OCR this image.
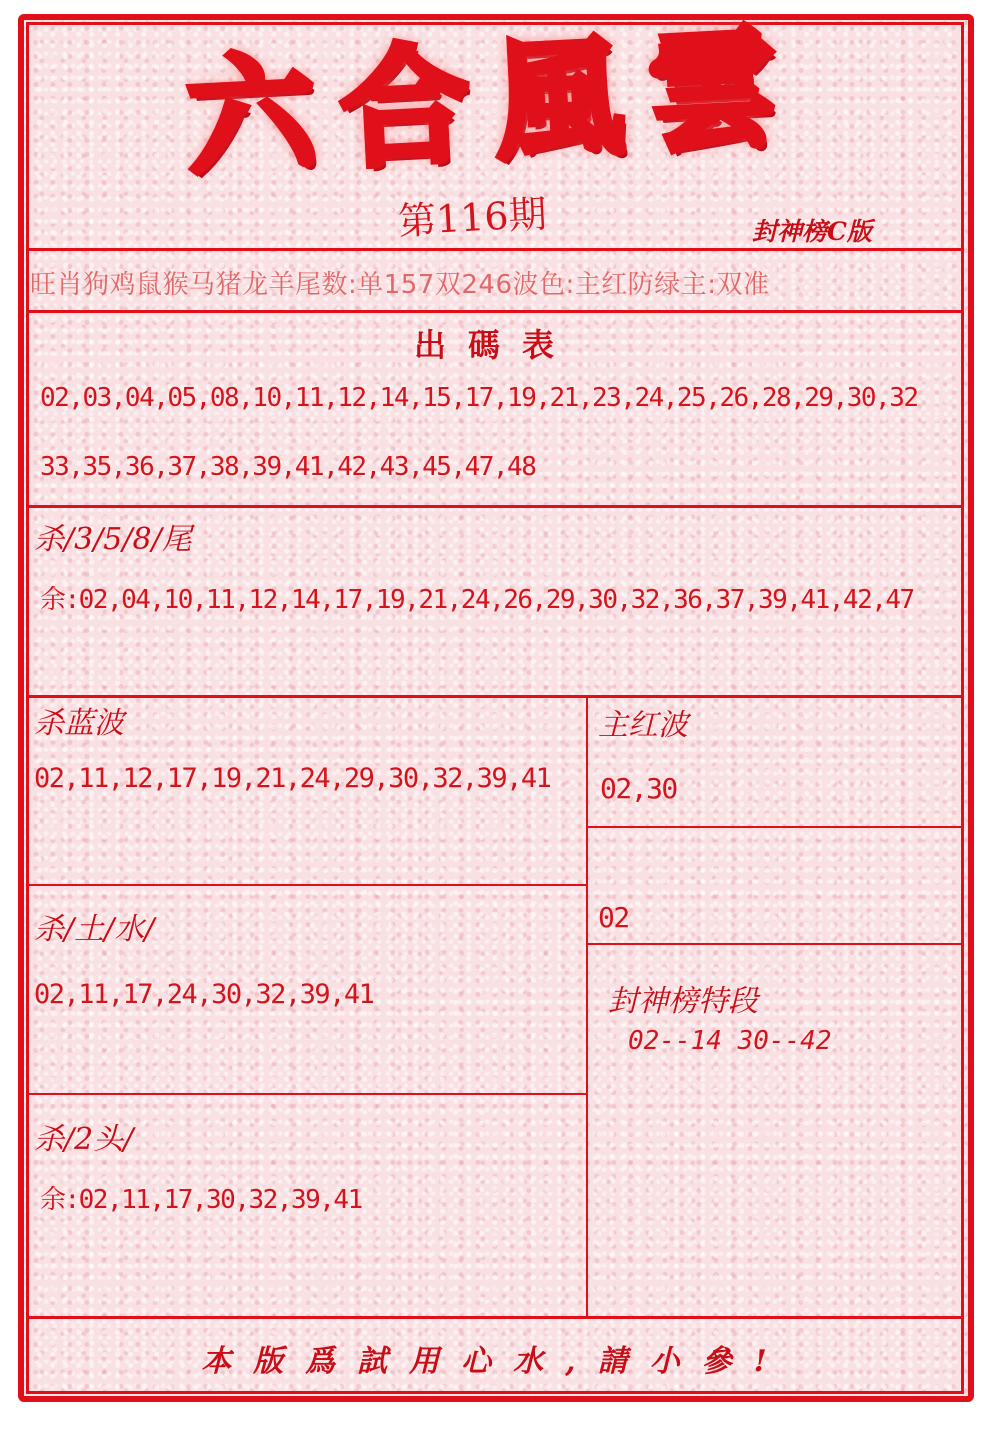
六合風雲
第116期	封神榜C版
旺肖狗鸡鼠猴马猪龙羊尾数:单157双246波色:主红防绿主:双准
出碼表
02,03,04,05,08,10,11,12,14,15,17,19,21,23,24,25,26,28,29,30,32
33,35,36,37,38,39,41,42,43,45,47,48
杀/3/5/8/尾
余:02,04,10,11,12,14,17,19,21,24,26,29,30,32,36,37,39,41,42,47
杀蓝波
02,11,12,17,19,21,24,29,30,32,39,41
主红波
02,30
02
杀/土/水/
02,11,17,24,30,32,39,41	封神榜特段
02--14 30--42
杀/2头/
余:02,11,17,30,32,39,41
本版爲試用心水,請小參!
